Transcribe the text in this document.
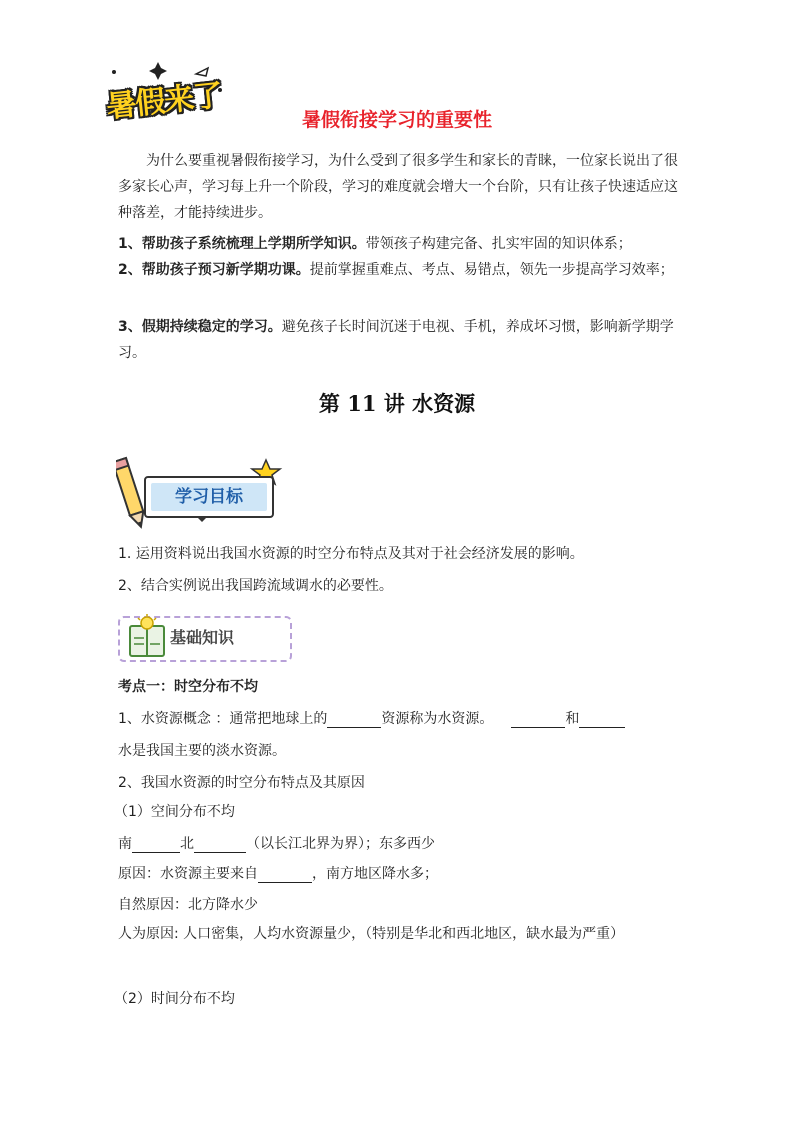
暑假来了	暑假衔接学习的重要性
为什么要重视暑假衔接学习，为什么受到了很多学生和家长的青睐，一位家长说出了很多家长心声，学习每上升一个阶段，学习的难度就会增大一个台阶，只有让孩子快速适应这种落差，才能持续进步。
1、帮助孩子系统梳理上学期所学知识。带领孩子构建完备、扎实牢固的知识体系；
2、帮助孩子预习新学期功课。提前掌握重难点、考点、易错点，领先一步提高学习效率；
3、假期持续稳定的学习。避免孩子长时间沉迷于电视、手机，养成坏习惯，影响新学期学习。
第 11 讲 水资源
学习目标
1. 运用资料说出我国水资源的时空分布特点及其对于社会经济发展的影响。
2、结合实例说出我国跨流域调水的必要性。
基础知识
考点一：时空分布不均
1、水资源概念 ：通常把地球上的	资源称为水资源。	和
水是我国主要的淡水资源。
2、我国水资源的时空分布特点及其原因
（1）空间分布不均
南	北	（以长江北界为界）；东多西少
原因：水资源主要来自	，南方地区降水多；
自然原因：北方降水少
人为原因: 人口密集，人均水资源量少，（特别是华北和西北地区，缺水最为严重）
（2）时间分布不均
